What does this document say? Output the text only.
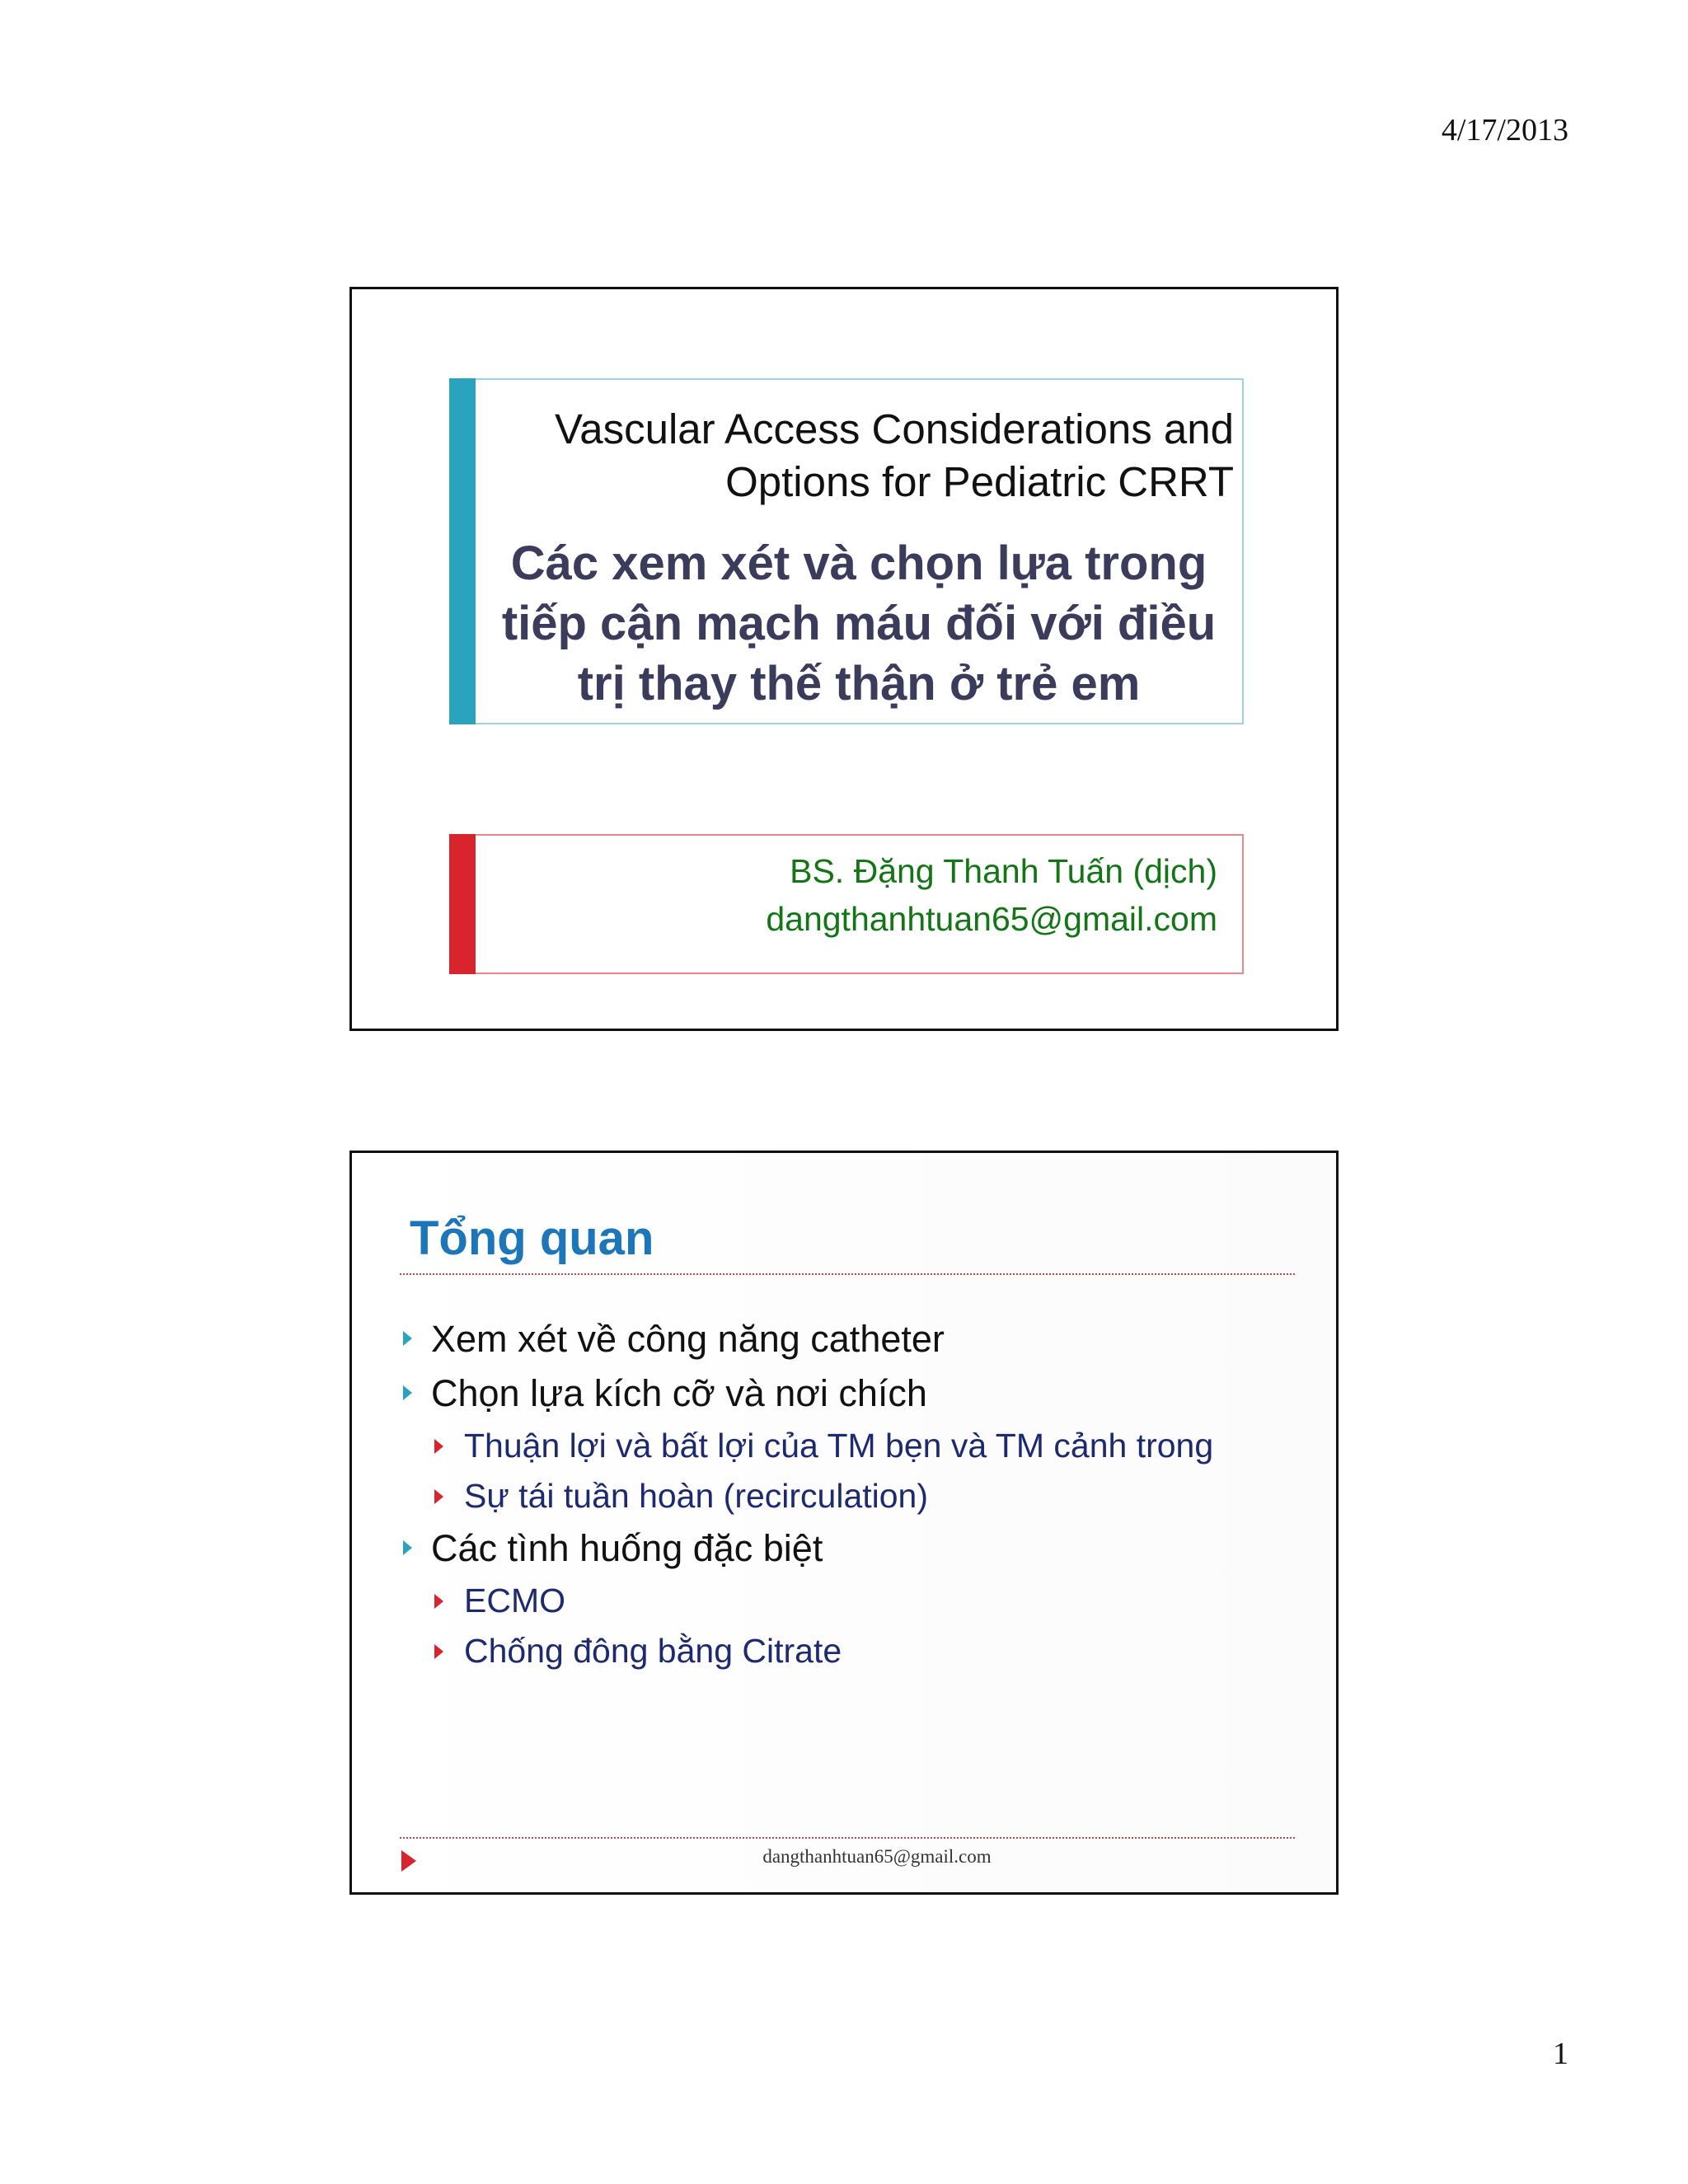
4/17/2013
Vascular Access Considerations and
Options for Pediatric CRRT
Các xem xét và chọn lựa trong
tiếp cận mạch máu đối với điều
trị thay thế thận ở trẻ em
BS. Đặng Thanh Tuấn (dịch)
dangthanhtuan65@gmail.com
Tổng quan
Xem xét về công năng catheter
Chọn lựa kích cỡ và nơi chích
Thuận lợi và bất lợi của TM bẹn và TM cảnh trong
Sự tái tuần hoàn (recirculation)
Các tình huống đặc biệt
ECMO
Chống đông bằng Citrate
dangthanhtuan65@gmail.com
1
